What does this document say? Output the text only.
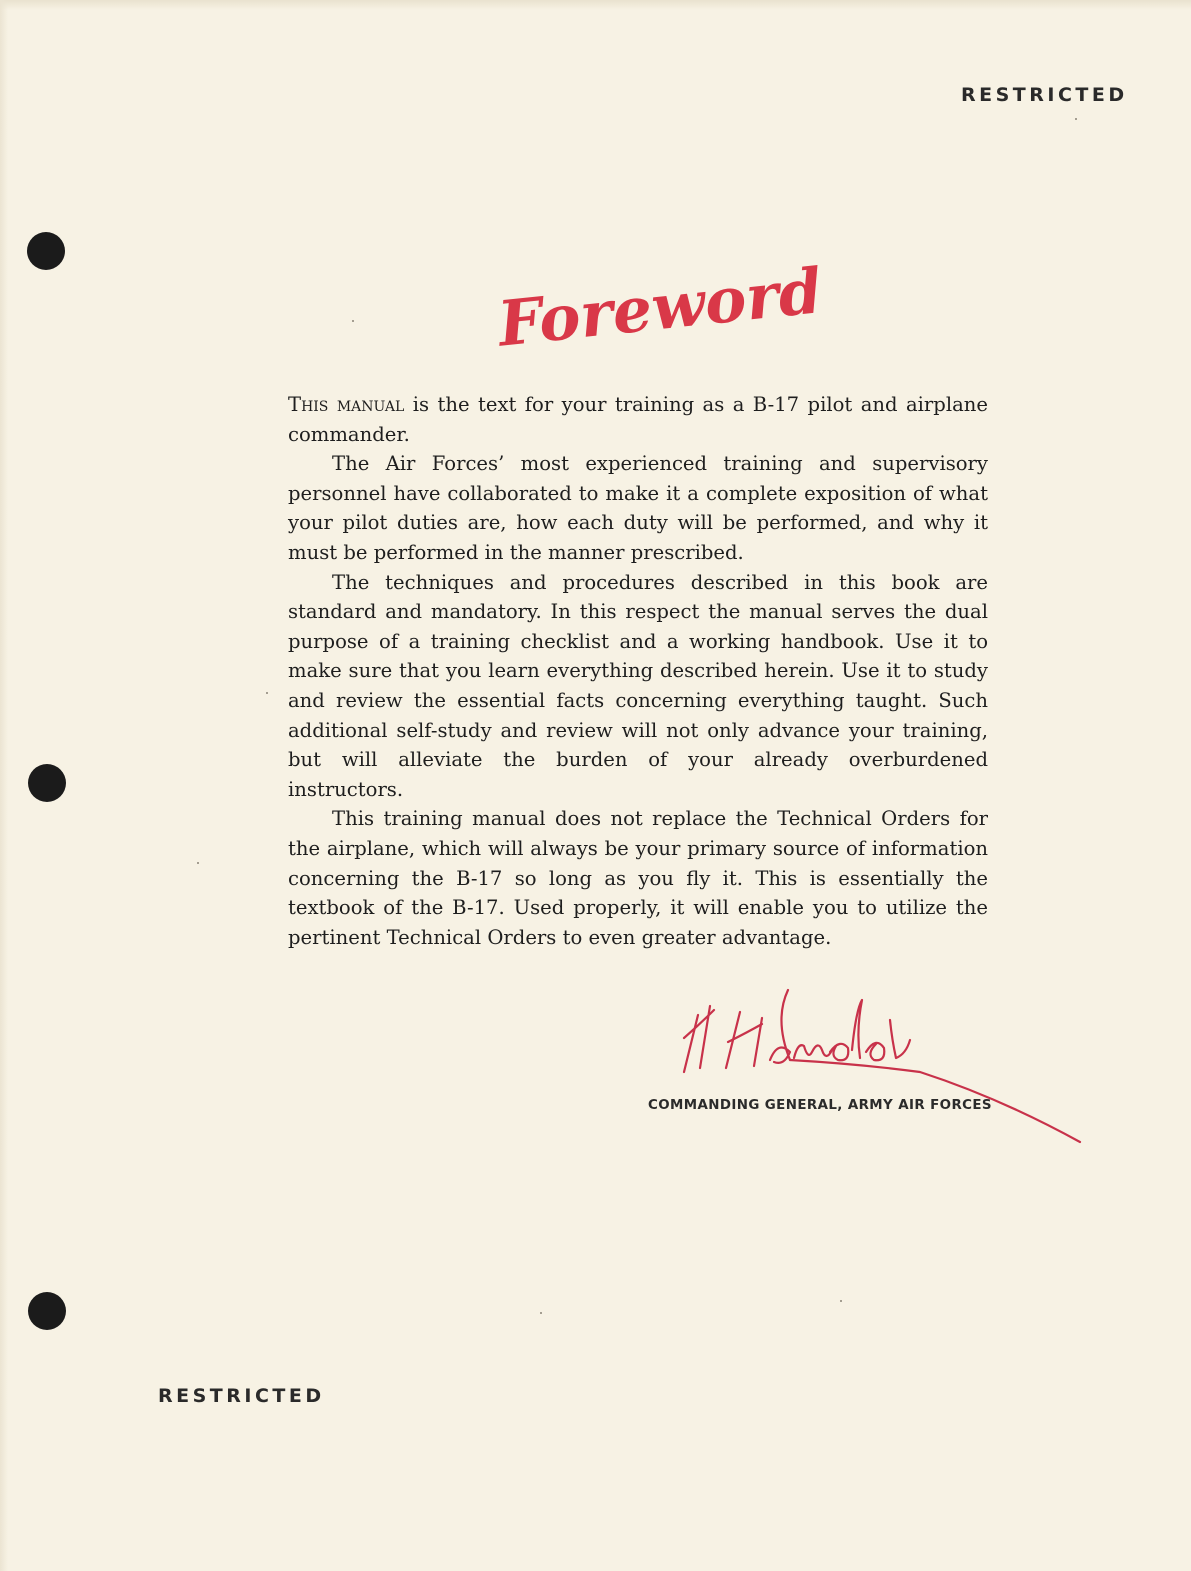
RESTRICTED
Foreword

This manual is the text for your training as a B-17 pilot and airplane commander.

The Air Forces’ most experienced training and supervisory personnel have collaborated to make it a complete exposition of what your pilot duties are, how each duty will be performed, and why it must be performed in the manner prescribed.

The techniques and procedures described in this book are standard and mandatory. In this respect the manual serves the dual purpose of a training checklist and a working handbook. Use it to make sure that you learn everything described herein. Use it to study and review the essential facts concerning everything taught. Such additional self-study and review will not only advance your training, but will alleviate the burden of your already overburdened instructors.

This training manual does not replace the Technical Orders for the airplane, which will always be your primary source of information concerning the B-17 so long as you fly it. This is essentially the textbook of the B-17. Used properly, it will enable you to utilize the pertinent Technical Orders to even greater advantage.

COMMANDING GENERAL, ARMY AIR FORCES
RESTRICTED
